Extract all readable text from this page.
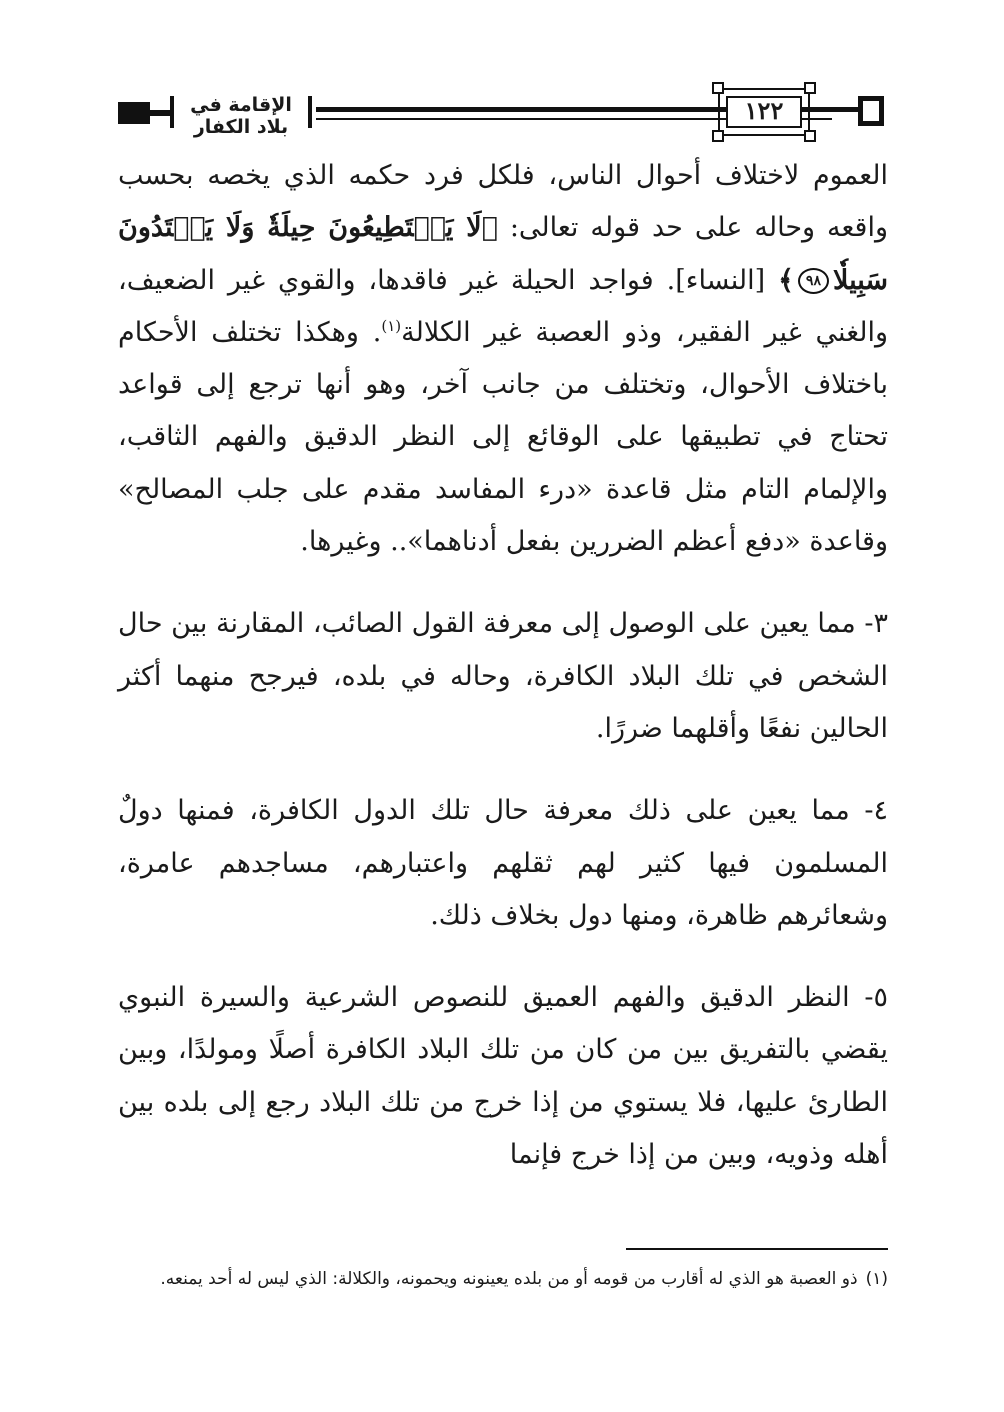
الإقامة في بلاد الكفار
١٢٢

العموم لاختلاف أحوال الناس، فلكل فرد حكمه الذي يخصه بحسب واقعه وحاله على حد قوله تعالى: ﴿لَا يَسۡتَطِيعُونَ حِيلَةٗ وَلَا يَهۡتَدُونَ سَبِيلٗا٩٨﴾ [النساء]. فواجد الحيلة غير فاقدها، والقوي غير الضعيف، والغني غير الفقير، وذو العصبة غير الكلالة$^{(١)}$. وهكذا تختلف الأحكام باختلاف الأحوال، وتختلف من جانب آخر، وهو أنها ترجع إلى قواعد تحتاج في تطبيقها على الوقائع إلى النظر الدقيق والفهم الثاقب، والإلمام التام مثل قاعدة «درء المفاسد مقدم على جلب المصالح» وقاعدة «دفع أعظم الضررين بفعل أدناهما».. وغيرها.

٣- مما يعين على الوصول إلى معرفة القول الصائب، المقارنة بين حال الشخص في تلك البلاد الكافرة، وحاله في بلده، فيرجح منهما أكثر الحالين نفعًا وأقلهما ضررًا.

٤- مما يعين على ذلك معرفة حال تلك الدول الكافرة، فمنها دولٌ المسلمون فيها كثير لهم ثقلهم واعتبارهم، مساجدهم عامرة، وشعائرهم ظاهرة، ومنها دول بخلاف ذلك.

٥- النظر الدقيق والفهم العميق للنصوص الشرعية والسيرة النبوي يقضي بالتفريق بين من كان من تلك البلاد الكافرة أصلًا ومولدًا، وبين الطارئ عليها، فلا يستوي من إذا خرج من تلك البلاد رجع إلى بلده بين أهله وذويه، وبين من إذا خرج فإنما

(١)ذو العصبة هو الذي له أقارب من قومه أو من بلده يعينونه ويحمونه، والكلالة: الذي ليس له أحد يمنعه.
